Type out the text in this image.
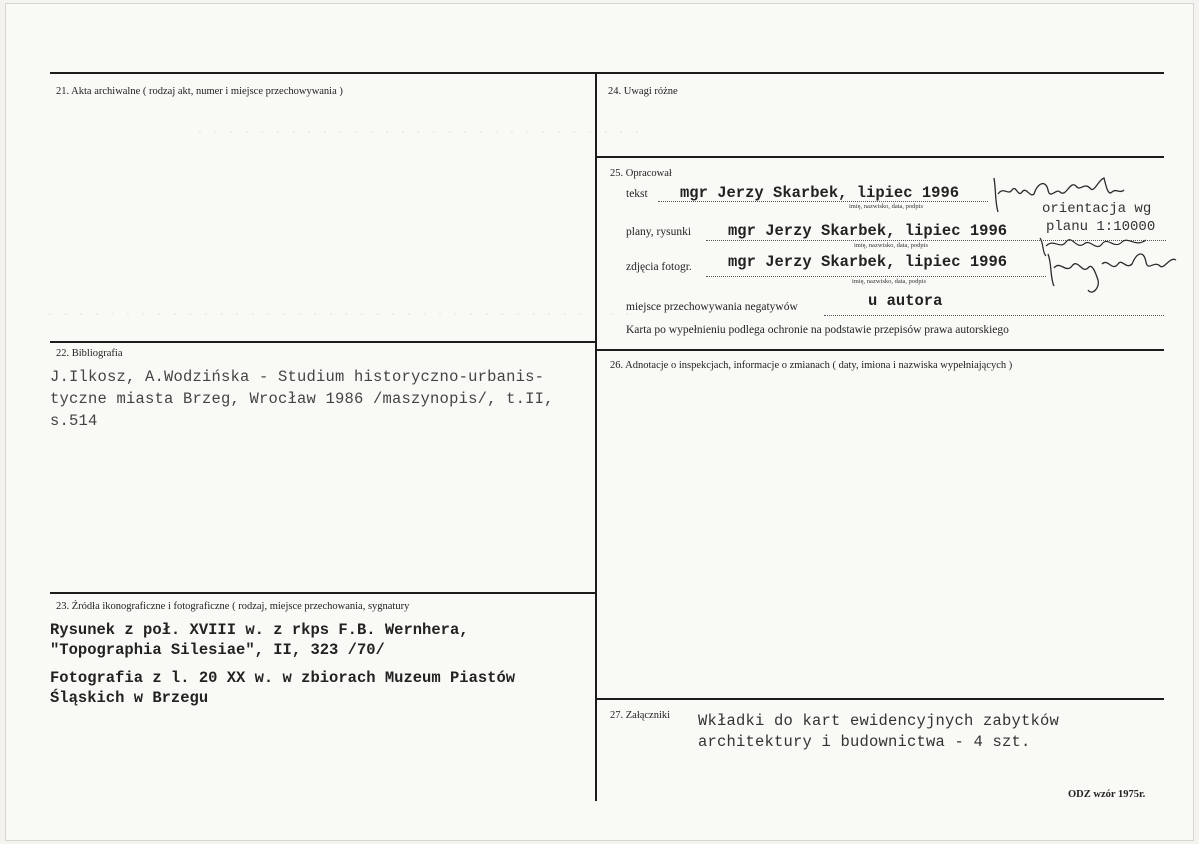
. . . . . . . . . . . . . . . . . . . . . . . . . . . . .
. . . . . . . . . . . . . . . . . . . . . . . . . . . . . . . . . . . . . .
21. Akta archiwalne ( rodzaj akt, numer i miejsce przechowywania )
22. Bibliografia
J.Ilkosz, A.Wodzińska - Studium historyczno-urbanis-
tyczne miasta Brzeg, Wrocław 1986 /maszynopis/, t.II,
s.514
23. Źródła ikonograficzne i fotograficzne ( rodzaj, miejsce przechowania, sygnatury
Rysunek z poł. XVIII w. z rkps F.B. Wernhera,
"Topographia Silesiae", II, 323 /70/
Fotografia z l. 20 XX w. w zbiorach Muzeum Piastów
Śląskich w Brzegu
24. Uwagi różne
25. Opracował
tekst mgr Jerzy Skarbek, lipiec 1996
imię, nazwisko, data, podpis
plany, rysunki mgr Jerzy Skarbek, lipiec 1996
orientacja wg
planu 1:10000
imię, nazwisko, data, podpis
zdjęcia fotogr. mgr Jerzy Skarbek, lipiec 1996
imię, nazwisko, data, podpis
miejsce przechowywania negatywów	u autora
Karta po wypełnieniu podlega ochronie na podstawie przepisów prawa autorskiego
26. Adnotacje o inspekcjach, informacje o zmianach ( daty, imiona i nazwiska wypełniających )
27. Załączniki Wkładki do kart ewidencyjnych zabytków
architektury i budownictwa - 4 szt.
ODZ wzór 1975r.
